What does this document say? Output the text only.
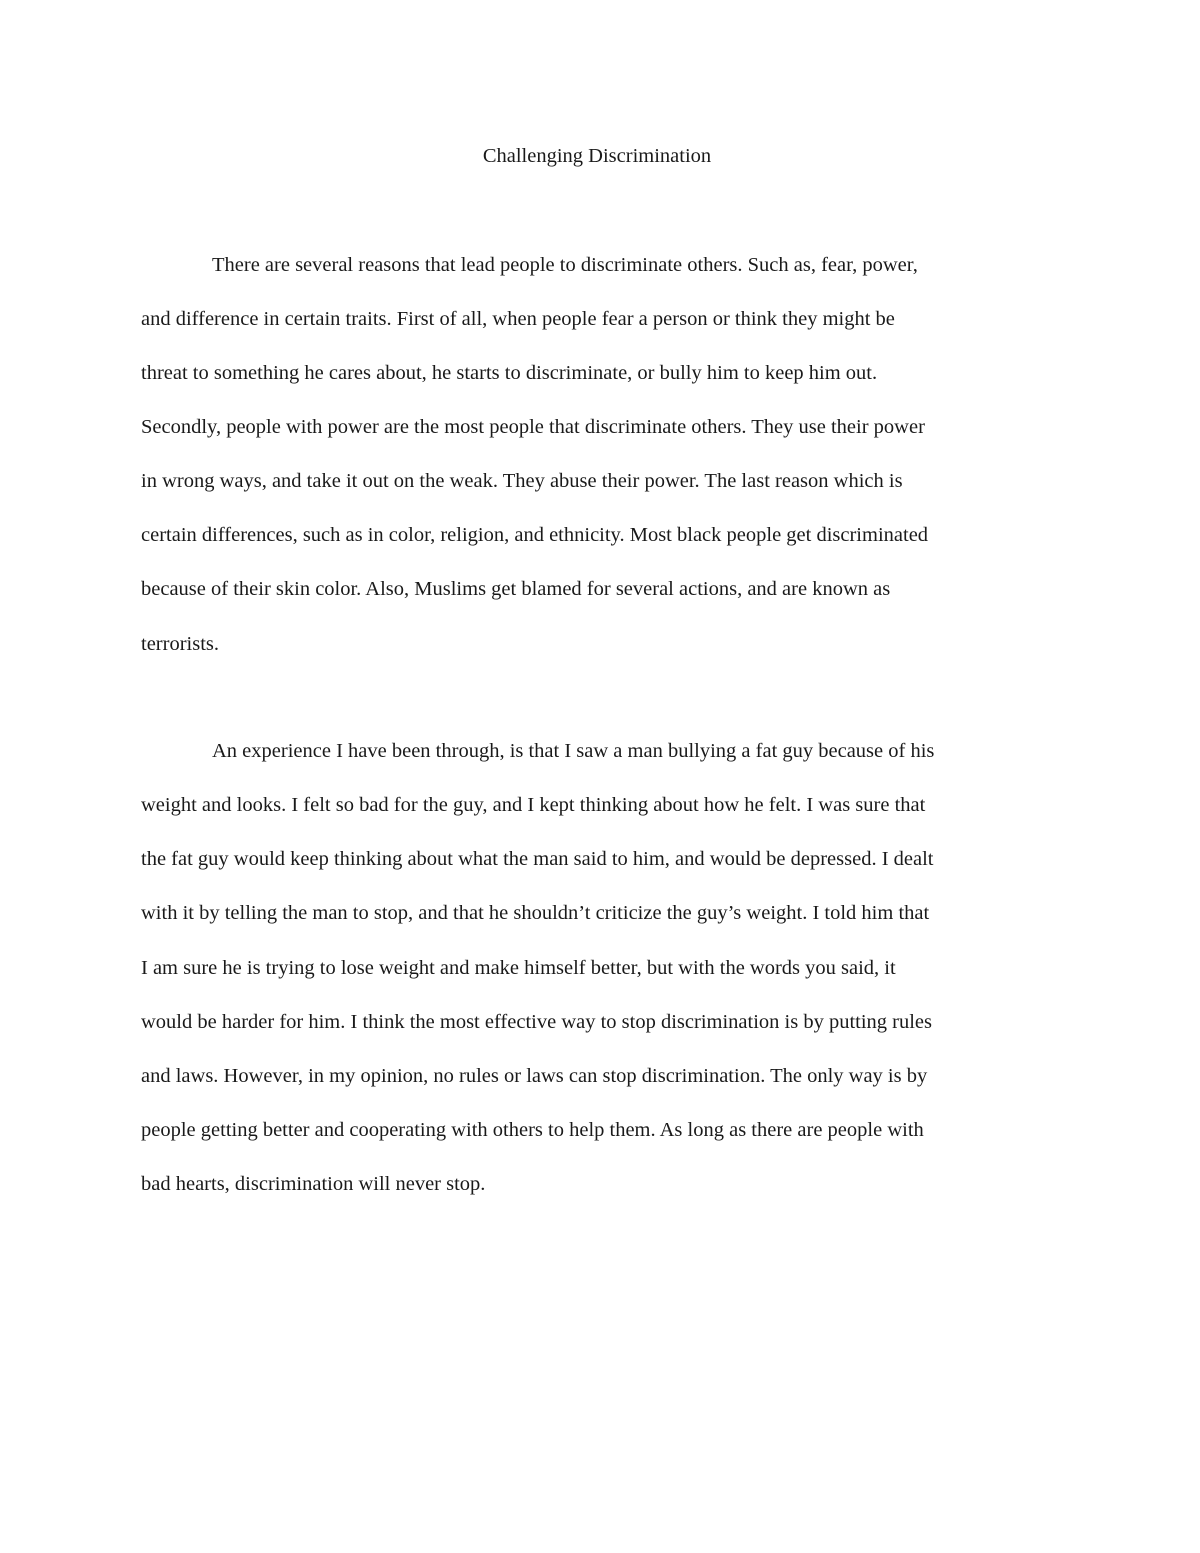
Challenging Discrimination
There are several reasons that lead people to discriminate others. Such as, fear, power,
and difference in certain traits. First of all, when people fear a person or think they might be
threat to something he cares about, he starts to discriminate, or bully him to keep him out.
Secondly, people with power are the most people that discriminate others. They use their power
in wrong ways, and take it out on the weak. They abuse their power. The last reason which is
certain differences, such as in color, religion, and ethnicity. Most black people get discriminated
because of their skin color. Also, Muslims get blamed for several actions, and are known as
terrorists.
An experience I have been through, is that I saw a man bullying a fat guy because of his
weight and looks. I felt so bad for the guy, and I kept thinking about how he felt. I was sure that
the fat guy would keep thinking about what the man said to him, and would be depressed. I dealt
with it by telling the man to stop, and that he shouldn’t criticize the guy’s weight. I told him that
I am sure he is trying to lose weight and make himself better, but with the words you said, it
would be harder for him. I think the most effective way to stop discrimination is by putting rules
and laws. However, in my opinion, no rules or laws can stop discrimination. The only way is by
people getting better and cooperating with others to help them. As long as there are people with
bad hearts, discrimination will never stop.
